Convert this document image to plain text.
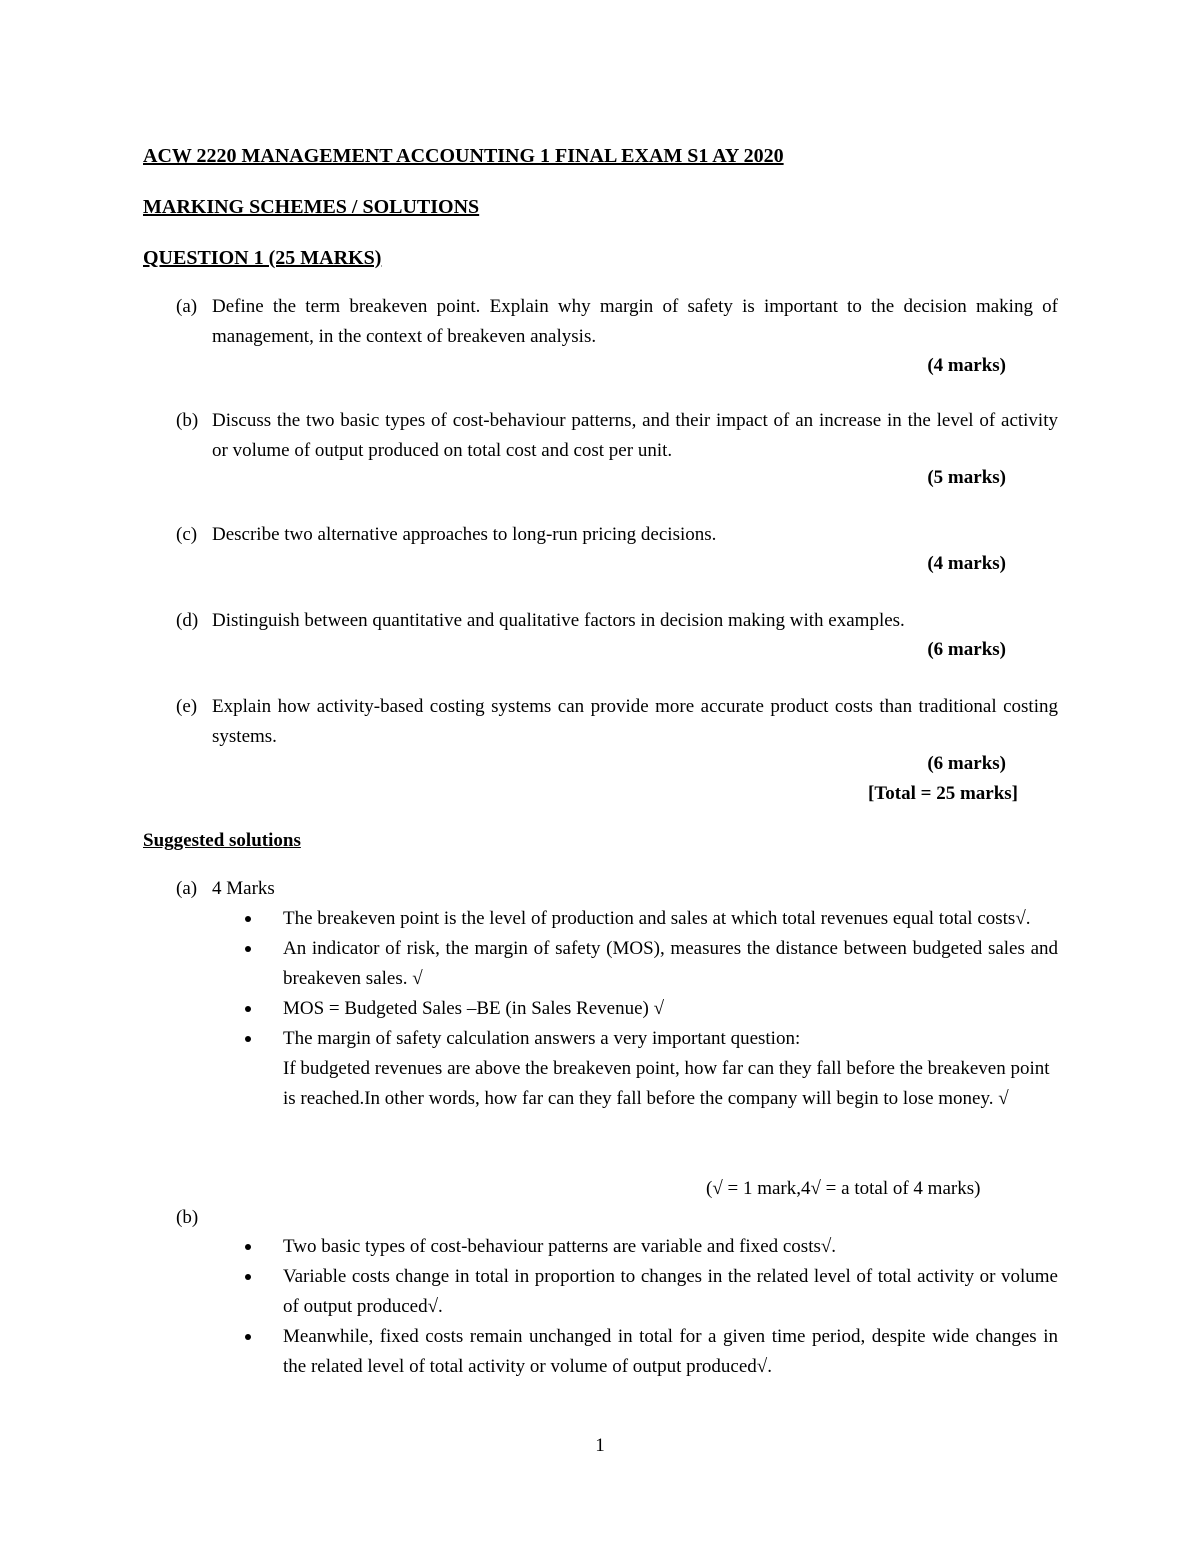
ACW 2220 MANAGEMENT ACCOUNTING 1 FINAL EXAM S1 AY 2020
MARKING SCHEMES / SOLUTIONS
QUESTION 1 (25 MARKS)
(a) Define the term breakeven point. Explain why margin of safety is important to the decision making of management, in the context of breakeven analysis.
(4 marks)
(b) Discuss the two basic types of cost-behaviour patterns, and their impact of an increase in the level of activity or volume of output produced on total cost and cost per unit.
(5 marks)
(c) Describe two alternative approaches to long-run pricing decisions.
(4 marks)
(d) Distinguish between quantitative and qualitative factors in decision making with examples.
(6 marks)
(e) Explain how activity-based costing systems can provide more accurate product costs than traditional costing systems.
(6 marks)
[Total = 25 marks]
Suggested solutions
(a) 4 Marks
The breakeven point is the level of production and sales at which total revenues equal total costs√.
An indicator of risk, the margin of safety (MOS), measures the distance between budgeted sales and breakeven sales. √
MOS = Budgeted Sales –BE (in Sales Revenue) √
The margin of safety calculation answers a very important question:
If budgeted revenues are above the breakeven point, how far can they fall before the breakeven point is reached.In other words, how far can they fall before the company will begin to lose money. √
(√ = 1 mark,4√ = a total of 4 marks)
(b)
Two basic types of cost-behaviour patterns are variable and fixed costs√.
Variable costs change in total in proportion to changes in the related level of total activity or volume of output produced√.
Meanwhile, fixed costs remain unchanged in total for a given time period, despite wide changes in the related level of total activity or volume of output produced√.
1
